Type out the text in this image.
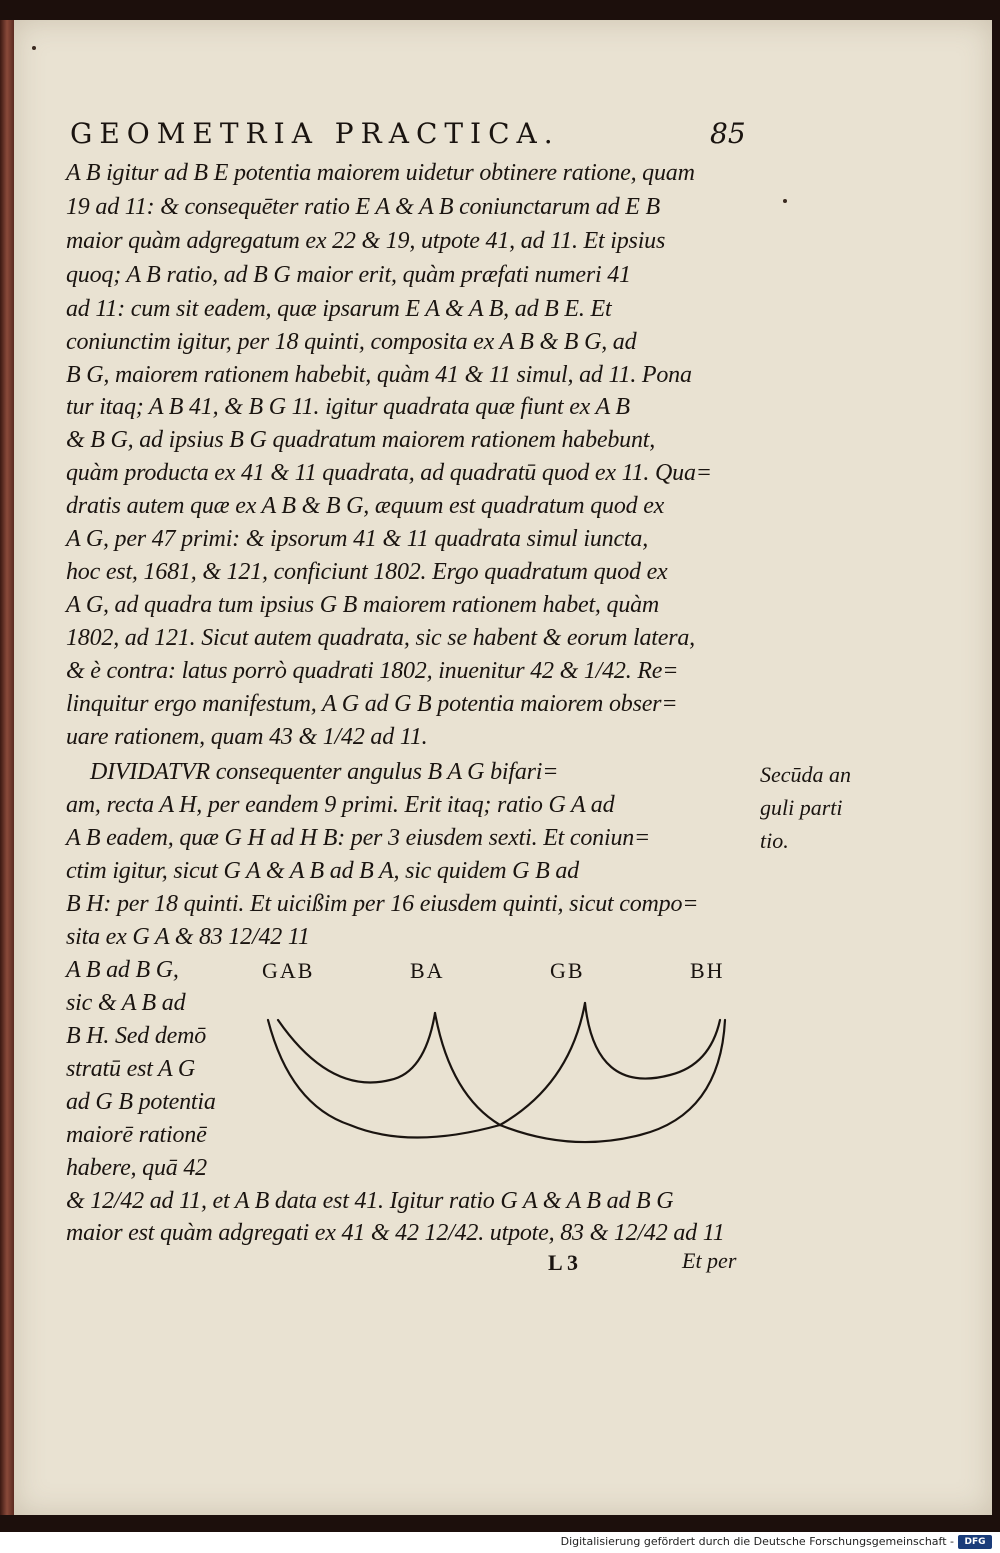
GEOMETRIA PRACTICA.	85
A B igitur ad B E potentia maiorem uidetur obtinere ratione, quam
19 ad 11: & consequēter ratio E A & A B coniunctarum ad E B
maior quàm adgregatum ex 22 & 19, utpote 41, ad 11. Et ipsius
quoq; A B ratio, ad B G maior erit, quàm præfati numeri 41
ad 11: cum sit eadem, quæ ipsarum E A & A B, ad B E. Et
coniunctim igitur, per 18 quinti, composita ex A B & B G, ad
B G, maiorem rationem habebit, quàm 41 & 11 simul, ad 11. Pona
tur itaq; A B 41, & B G 11. igitur quadrata quæ fiunt ex A B
& B G, ad ipsius B G quadratum maiorem rationem habebunt,
quàm producta ex 41 & 11 quadrata, ad quadratū quod ex 11. Qua=
dratis autem quæ ex A B & B G, æquum est quadratum quod ex
A G, per 47 primi: & ipsorum 41 & 11 quadrata simul iuncta,
hoc est, 1681, & 121, conficiunt 1802. Ergo quadratum quod ex
A G, ad quadra tum ipsius G B maiorem rationem habet, quàm
1802, ad 121. Sicut autem quadrata, sic se habent & eorum latera,
& è contra: latus porrò quadrati 1802, inuenitur 42 & 1/42. Re=
linquitur ergo manifestum, A G ad G B potentia maiorem obser=
uare rationem, quam 43 & 1/42 ad 11.
DIVIDATVR consequenter angulus B A G bifari=
am, recta A H, per eandem 9 primi. Erit itaq; ratio G A ad
A B eadem, quæ G H ad H B: per 3 eiusdem sexti. Et coniun=
ctim igitur, sicut G A & A B ad B A, sic quidem G B ad
B H: per 18 quinti. Et uicißim per 16 eiusdem quinti, sicut compo=
sita ex G A & 83 12/42 11
Secūda an
guli parti
tio.
A B ad B G,
sic & A B ad
B H. Sed demō
stratū est A G
ad G B potentia
maiorē rationē
habere, quā 42
GAB	BA	GB	BH
& 12/42 ad 11, et A B data est 41. Igitur ratio G A & A B ad B G
maior est quàm adgregati ex 41 & 42 12/42. utpote, 83 & 12/42 ad 11
L 3	Et per
Digitalisierung gefördert durch die Deutsche Forschungsgemeinschaft -	DFG
